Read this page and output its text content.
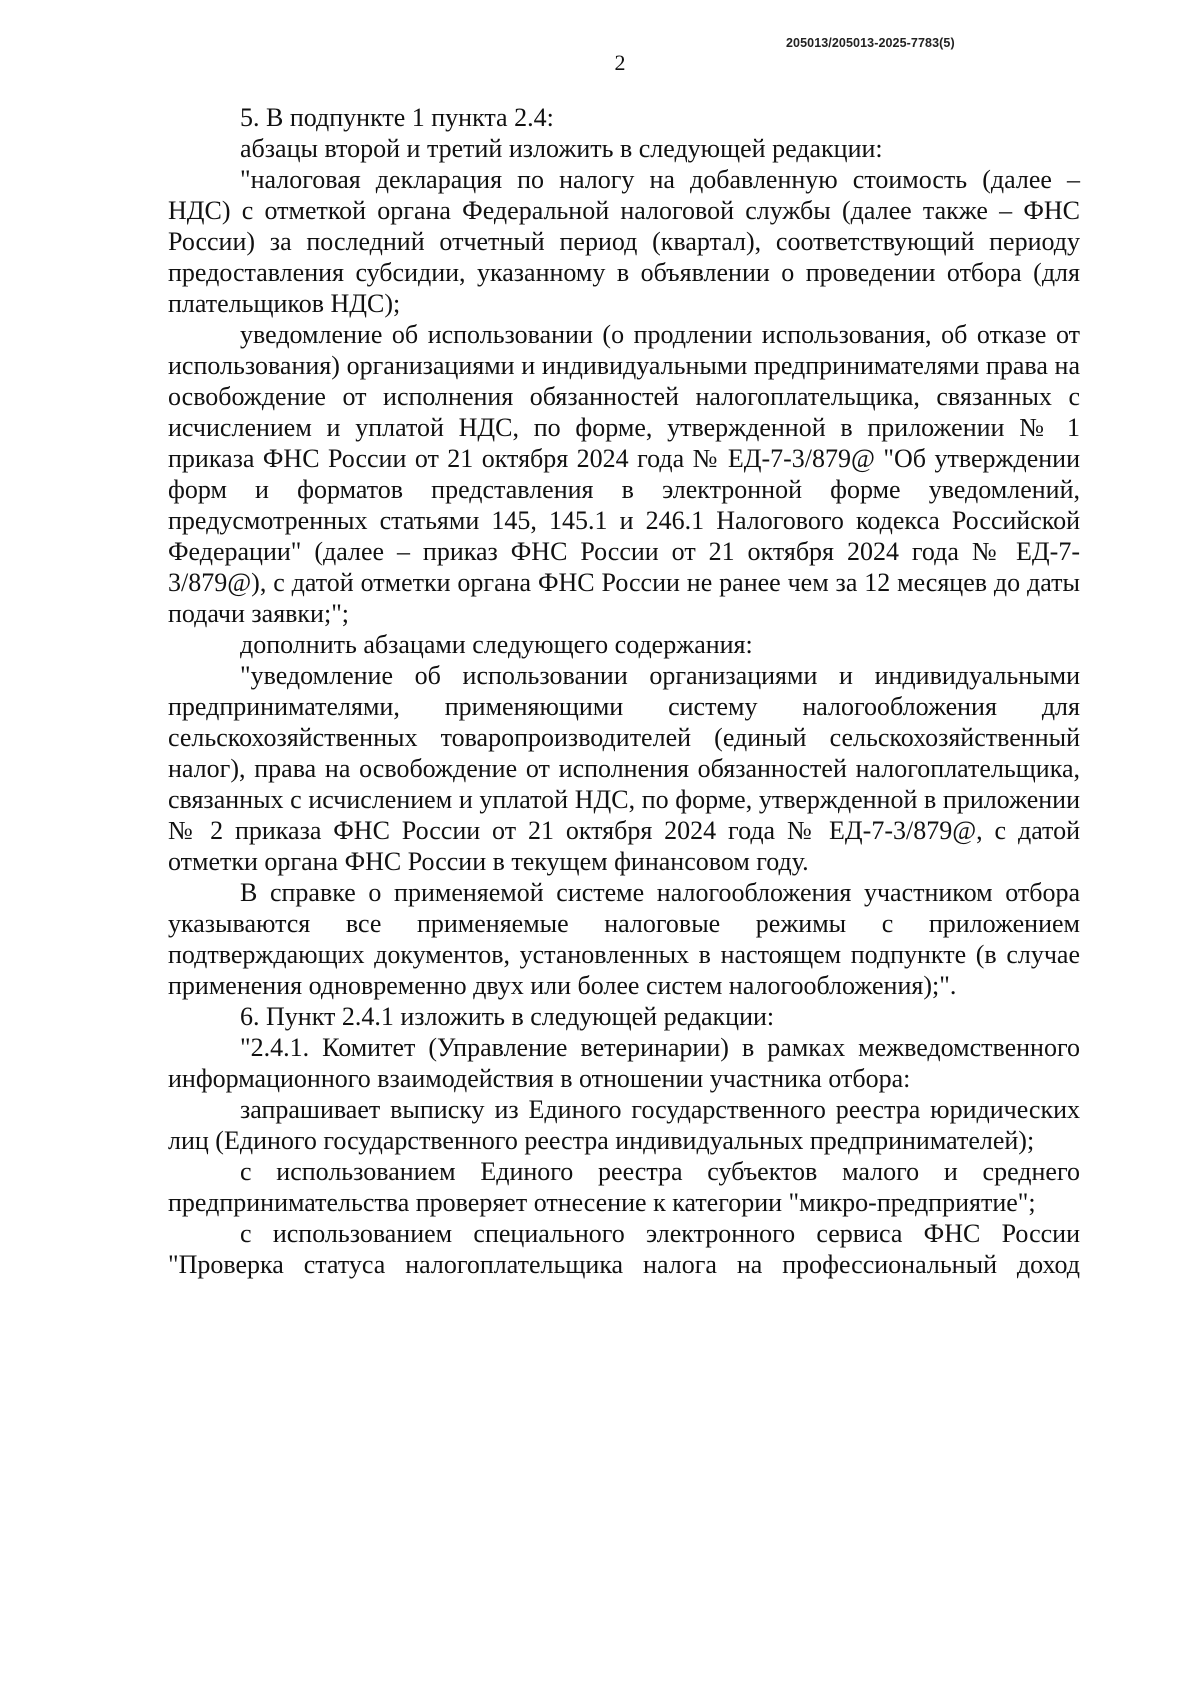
205013/205013-2025-7783(5)
2

5. В подпункте 1 пункта 2.4:

абзацы второй и третий изложить в следующей редакции:

"налоговая декларация по налогу на добавленную стоимость (далее – НДС) с отметкой органа Федеральной налоговой службы (далее также – ФНС России) за последний отчетный период (квартал), соответствующий периоду предоставления субсидии, указанному в объявлении о проведении отбора (для плательщиков НДС);

уведомление об использовании (о продлении использования, об отказе от использования) организациями и индивидуальными предпринимателями права на освобождение от исполнения обязанностей налогоплательщика, связанных с исчислением и уплатой НДС, по форме, утвержденной в приложении № 1 приказа ФНС России от 21 октября 2024 года № ЕД-7-3/879@ "Об утверждении форм и форматов представления в электронной форме уведомлений, предусмотренных статьями 145, 145.1 и 246.1 Налогового кодекса Российской Федерации" (далее – приказ ФНС России от 21 октября 2024 года № ЕД-7-3/879@), с датой отметки органа ФНС России не ранее чем за 12 месяцев до даты подачи заявки;";

дополнить абзацами следующего содержания:

"уведомление об использовании организациями и индивидуальными предпринимателями, применяющими систему налогообложения для сельскохозяйственных товаропроизводителей (единый сельскохозяйственный налог), права на освобождение от исполнения обязанностей налогоплательщика, связанных с исчислением и уплатой НДС, по форме, утвержденной в приложении № 2 приказа ФНС России от 21 октября 2024 года № ЕД-7-3/879@, с датой отметки органа ФНС России в текущем финансовом году.

В справке о применяемой системе налогообложения участником отбора указываются все применяемые налоговые режимы с приложением подтверждающих документов, установленных в настоящем подпункте (в случае применения одновременно двух или более систем налогообложения);".

6. Пункт 2.4.1 изложить в следующей редакции:

"2.4.1. Комитет (Управление ветеринарии) в рамках межведомственного информационного взаимодействия в отношении участника отбора:

запрашивает выписку из Единого государственного реестра юридических лиц (Единого государственного реестра индивидуальных предпринимателей);

с использованием Единого реестра субъектов малого и среднего предпринимательства проверяет отнесение к категории "микро-предприятие";

с использованием специального электронного сервиса ФНС России "Проверка статуса налогоплательщика налога на профессиональный доход
